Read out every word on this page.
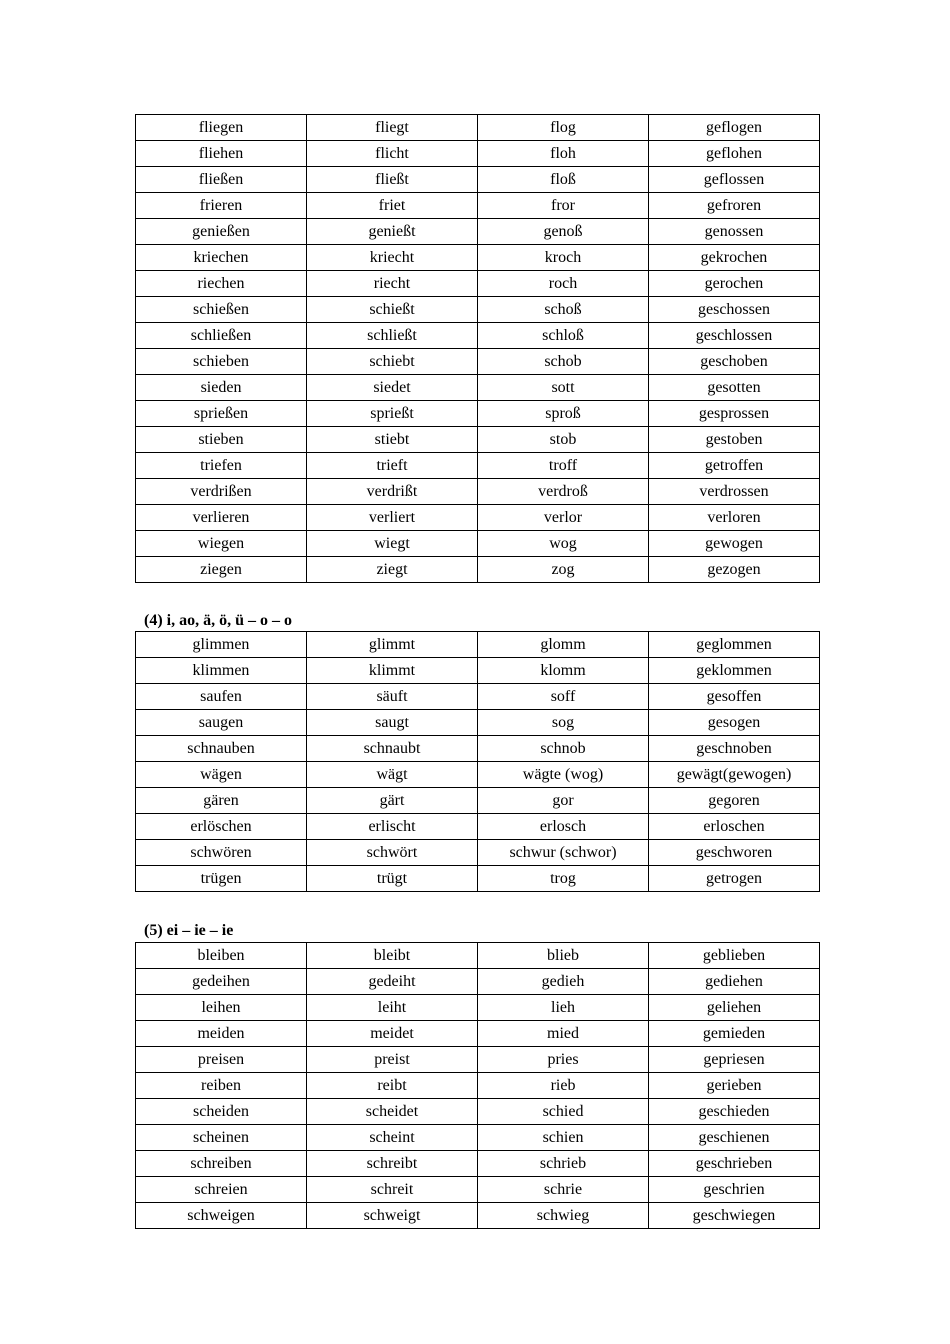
fliegen	fliegt	flog	geflogen
fliehen	flicht	floh	geflohen
fließen	fließt	floß	geflossen
frieren	friet	fror	gefroren
genießen	genießt	genoß	genossen
kriechen	kriecht	kroch	gekrochen
riechen	riecht	roch	gerochen
schießen	schießt	schoß	geschossen
schließen	schließt	schloß	geschlossen
schieben	schiebt	schob	geschoben
sieden	siedet	sott	gesotten
sprießen	sprießt	sproß	gesprossen
stieben	stiebt	stob	gestoben
triefen	trieft	troff	getroffen
verdrißen	verdrißt	verdroß	verdrossen
verlieren	verliert	verlor	verloren
wiegen	wiegt	wog	gewogen
ziegen	ziegt	zog	gezogen
(4) i, ao, ä, ö, ü – o – o
glimmen	glimmt	glomm	geglommen
klimmen	klimmt	klomm	geklommen
saufen	säuft	soff	gesoffen
saugen	saugt	sog	gesogen
schnauben	schnaubt	schnob	geschnoben
wägen	wägt	wägte (wog)	gewägt(gewogen)
gären	gärt	gor	gegoren
erlöschen	erlischt	erlosch	erloschen
schwören	schwört	schwur (schwor)	geschworen
trügen	trügt	trog	getrogen
(5) ei – ie – ie
bleiben	bleibt	blieb	geblieben
gedeihen	gedeiht	gedieh	gediehen
leihen	leiht	lieh	geliehen
meiden	meidet	mied	gemieden
preisen	preist	pries	gepriesen
reiben	reibt	rieb	gerieben
scheiden	scheidet	schied	geschieden
scheinen	scheint	schien	geschienen
schreiben	schreibt	schrieb	geschrieben
schreien	schreit	schrie	geschrien
schweigen	schweigt	schwieg	geschwiegen
